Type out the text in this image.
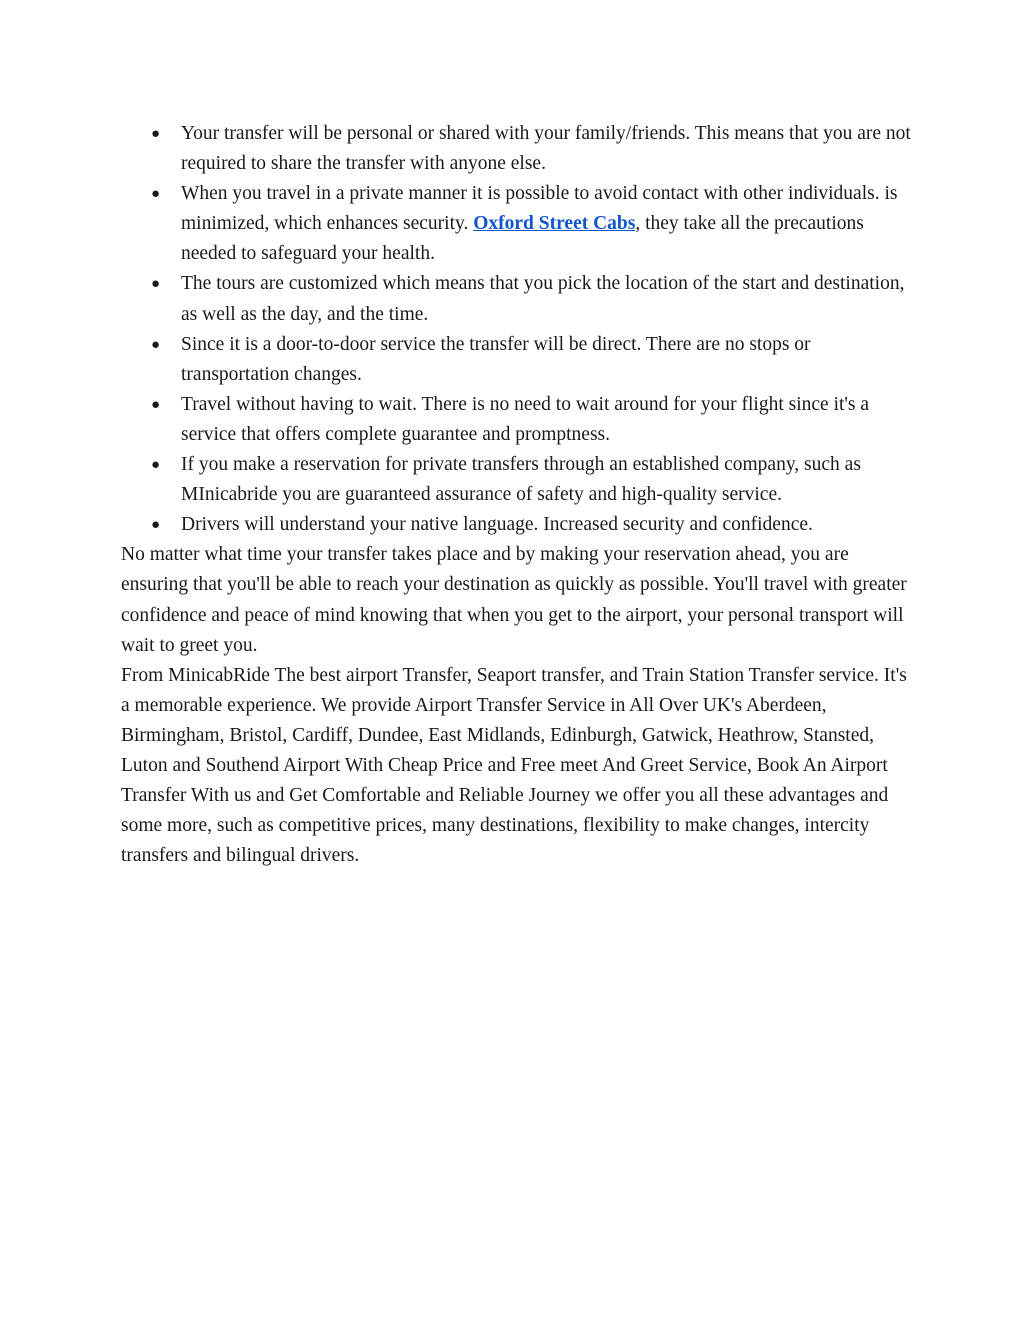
●	Your transfer will be personal or shared with your family/friends. This means that you are not required to share the transfer with anyone else.
●	When you travel in a private manner it is possible to avoid contact with other individuals. is minimized, which enhances security. Oxford Street Cabs, they take all the precautions needed to safeguard your health.
●	The tours are customized which means that you pick the location of the start and destination, as well as the day, and the time.
●	Since it is a door-to-door service the transfer will be direct. There are no stops or transportation changes.
●	Travel without having to wait. There is no need to wait around for your flight since it's a service that offers complete guarantee and promptness.
●	If you make a reservation for private transfers through an established company, such as MInicabride you are guaranteed assurance of safety and high-quality service.
●	Drivers will understand your native language. Increased security and confidence.

No matter what time your transfer takes place and by making your reservation ahead, you are ensuring that you'll be able to reach your destination as quickly as possible. You'll travel with greater confidence and peace of mind knowing that when you get to the airport, your personal transport will wait to greet you.

From MinicabRide The best airport Transfer, Seaport transfer, and Train Station Transfer service. It's a memorable experience. We provide Airport Transfer Service in All Over UK's Aberdeen, Birmingham, Bristol, Cardiff, Dundee, East Midlands, Edinburgh, Gatwick, Heathrow, Stansted, Luton and Southend Airport With Cheap Price and Free meet And Greet Service, Book An Airport Transfer With us and Get Comfortable and Reliable Journey we offer you all these advantages and some more, such as competitive prices, many destinations, flexibility to make changes, intercity transfers and bilingual drivers.
